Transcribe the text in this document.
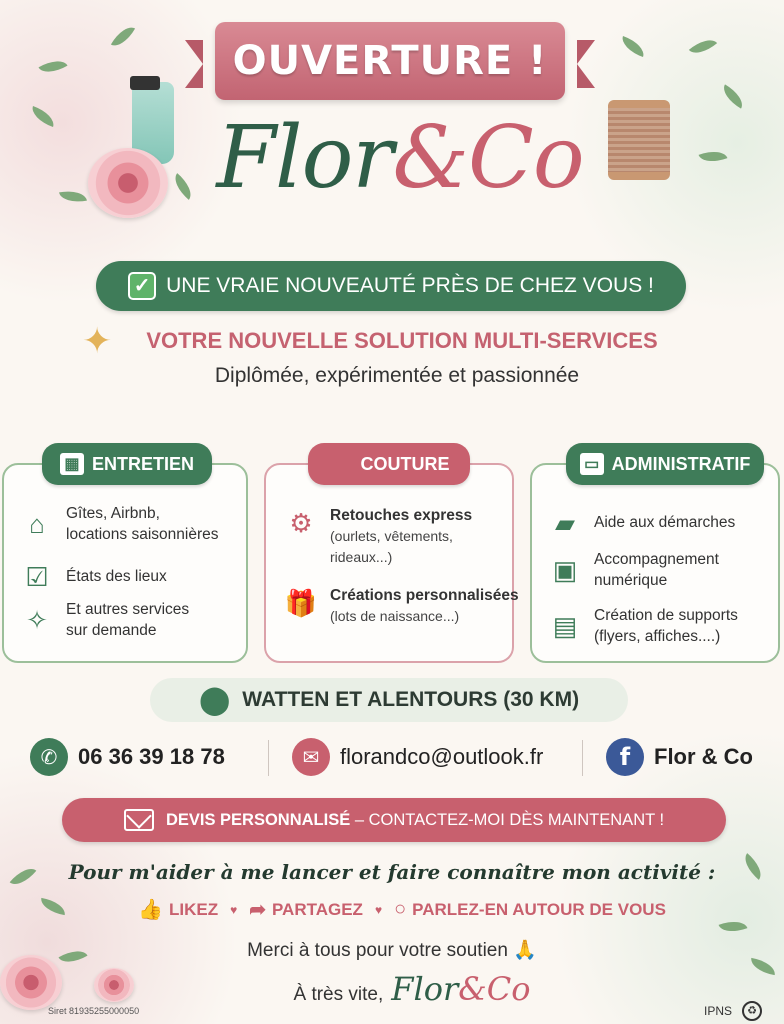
OUVERTURE !
Flor & Co
✓ UNE VRAIE NOUVEAUTÉ PRÈS DE CHEZ VOUS !
✦	VOTRE NOUVELLE SOLUTION MULTI-SERVICES
Diplômée, expérimentée et passionnée
▦ ENTRETIEN
⌂	Gîtes, Airbnb,
locations saisonnières
☑	États des lieux
✧	Et autres services
sur demande
✂ COUTURE
⚙	Retouches express
(ourlets, vêtements,
rideaux...)
🎁 Créations personnalisées
(lots de naissance...)
▭ ADMINISTRATIF
▰	Aide aux démarches
▣	Accompagnement
numérique
▤	Création de supports
(flyers, affiches....)
⬤ WATTEN ET ALENTOURS (30 KM)
✆ 06 36 39 18 78	✉ florandco@outlook.fr	f	Flor & Co
DEVIS PERSONNALISÉ – CONTACTEZ-MOI DÈS MAINTENANT !
Pour m'aider à me lancer et faire connaître mon activité :
👍 LIKEZ ♥ ➦ PARTAGEZ ♥ ○ PARLEZ-EN AUTOUR DE VOUS
Merci à tous pour votre soutien 🙏
À très vite, Flor&Co
Siret 81935255000050	IPNS	♻
